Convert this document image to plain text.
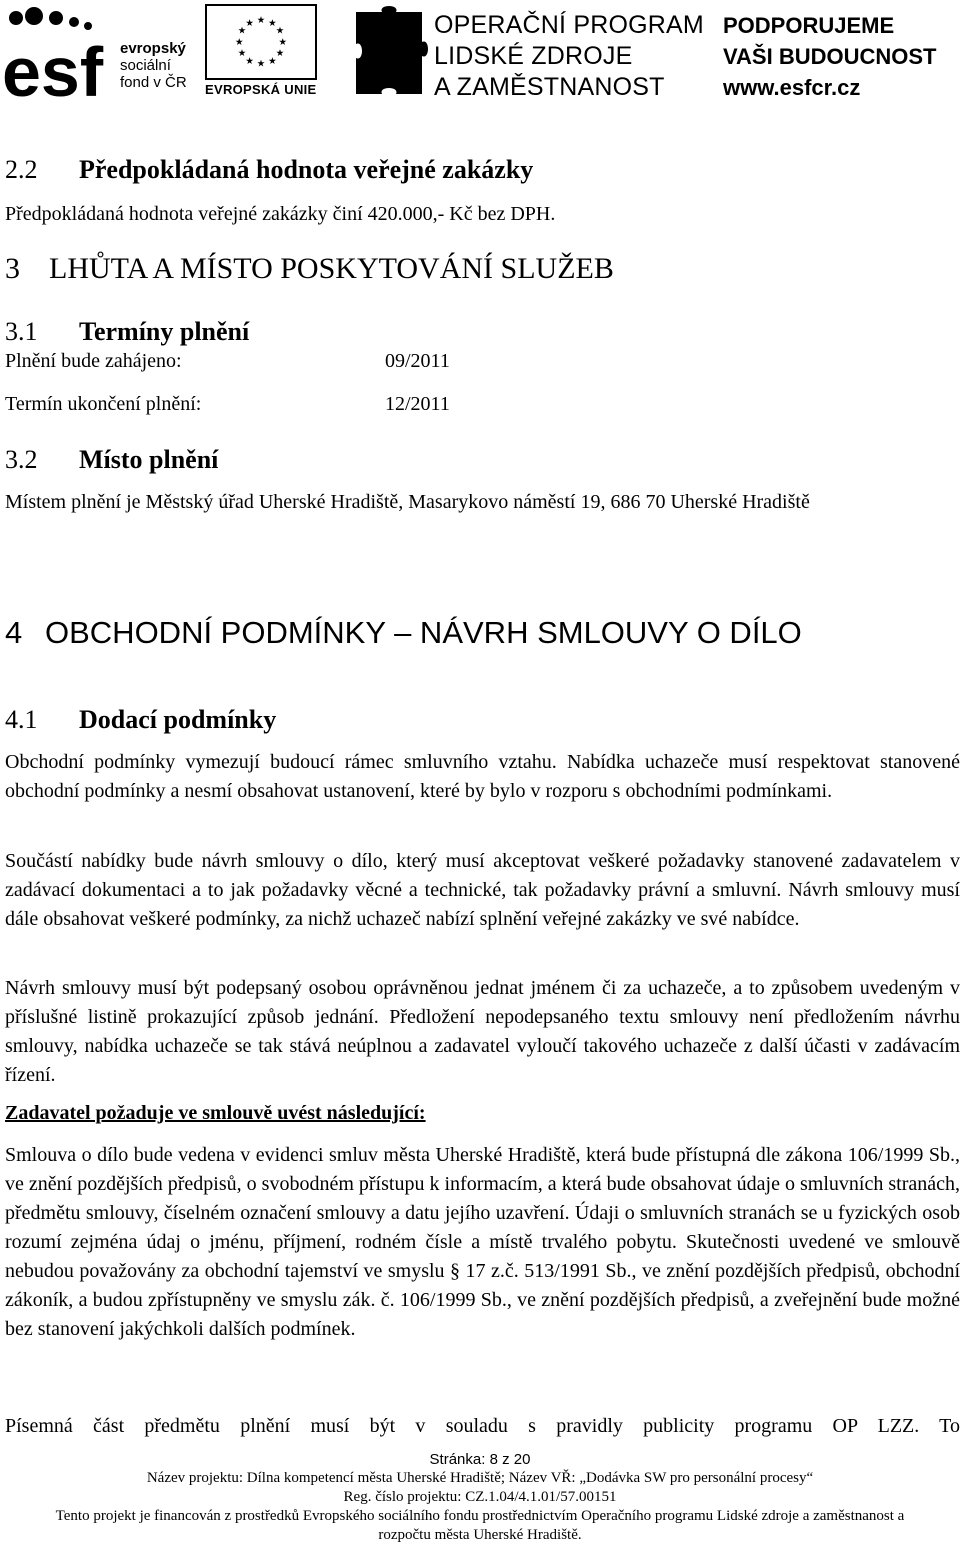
esf evropský
sociální
fond v ČR
★ ★
★
★
★
★
★
★
★
★
★
★
EVROPSKÁ UNIE
OPERAČNÍ PROGRAM
LIDSKÉ ZDROJE
A ZAMĚSTNANOST
PODPORUJEME
VAŠI BUDOUCNOST
www.esfcr.cz
2.2 Předpokládaná hodnota veřejné zakázky
Předpokládaná hodnota veřejné zakázky činí 420.000,- Kč bez DPH.
3 LHŮTA A MÍSTO POSKYTOVÁNÍ SLUŽEB
3.1 Termíny plnění
Plnění bude zahájeno:	09/2011
Termín ukončení plnění:	12/2011
3.2 Místo plnění
Místem plnění je Městský úřad Uherské Hradiště, Masarykovo náměstí 19, 686 70 Uherské Hradiště
4 OBCHODNÍ PODMÍNKY – NÁVRH SMLOUVY O DÍLO
4.1 Dodací podmínky
Obchodní podmínky vymezují budoucí rámec smluvního vztahu. Nabídka uchazeče musí respektovat stanovené obchodní podmínky a nesmí obsahovat ustanovení, které by bylo v rozporu s obchodními podmínkami.
Součástí nabídky bude návrh smlouvy o dílo, který musí akceptovat veškeré požadavky stanovené zadavatelem v zadávací dokumentaci a to jak požadavky věcné a technické, tak požadavky právní a smluvní. Návrh smlouvy musí dále obsahovat veškeré podmínky, za nichž uchazeč nabízí splnění veřejné zakázky ve své nabídce.
Návrh smlouvy musí být podepsaný osobou oprávněnou jednat jménem či za uchazeče, a to způsobem uvedeným v příslušné listině prokazující způsob jednání. Předložení nepodepsaného textu smlouvy není předložením návrhu smlouvy, nabídka uchazeče se tak stává neúplnou a zadavatel vyloučí takového uchazeče z další účasti v zadávacím řízení.
Zadavatel požaduje ve smlouvě uvést následující:
Smlouva o dílo bude vedena v evidenci smluv města Uherské Hradiště, která bude přístupná dle zákona 106/1999 Sb., ve znění pozdějších předpisů, o svobodném přístupu k informacím, a která bude obsahovat údaje o smluvních stranách, předmětu smlouvy, číselném označení smlouvy a datu jejího uzavření. Údaji o smluvních stranách se u fyzických osob rozumí zejména údaj o jménu, příjmení, rodném čísle a místě trvalého pobytu. Skutečnosti uvedené ve smlouvě nebudou považovány za obchodní tajemství ve smyslu § 17 z.č. 513/1991 Sb., ve znění pozdějších předpisů, obchodní zákoník, a budou zpřístupněny ve smyslu zák. č. 106/1999 Sb., ve znění pozdějších předpisů, a zveřejnění bude možné bez stanovení jakýchkoli dalších podmínek.
Písemná část předmětu plnění musí být v souladu s pravidly publicity programu OP LZZ. To
Stránka: 8 z 20
Název projektu: Dílna kompetencí města Uherské Hradiště; Název VŘ: „Dodávka SW pro personální procesy“
Reg. číslo projektu: CZ.1.04/4.1.01/57.00151
Tento projekt je financován z prostředků Evropského sociálního fondu prostřednictvím Operačního programu Lidské zdroje a zaměstnanost a
rozpočtu města Uherské Hradiště.
